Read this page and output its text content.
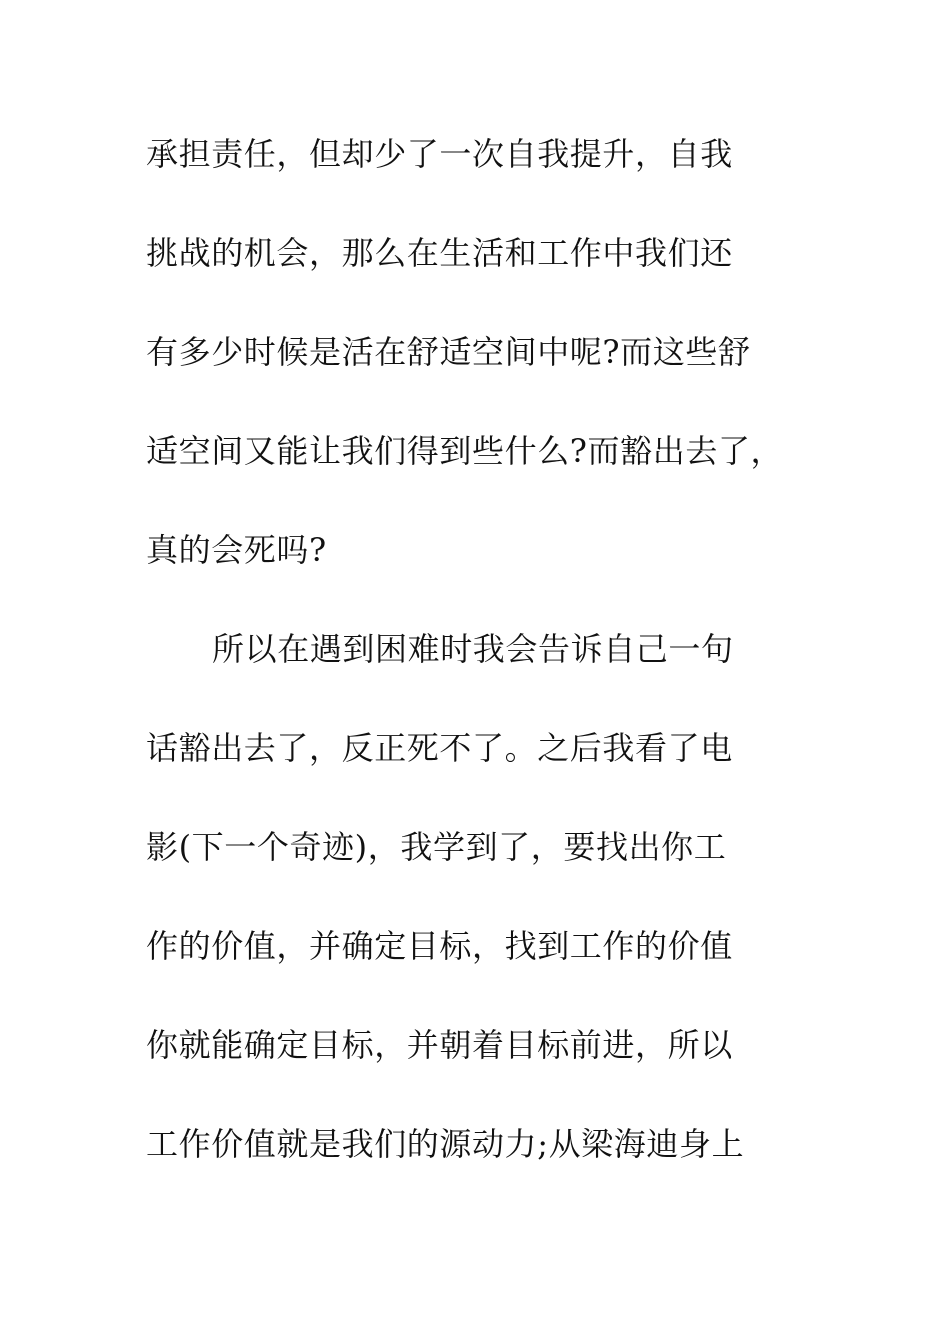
承担责任，但却少了一次自我提升，自我
挑战的机会，那么在生活和工作中我们还
有多少时候是活在舒适空间中呢?而这些舒
适空间又能让我们得到些什么?而豁出去了，
真的会死吗?
所以在遇到困难时我会告诉自己一句
话豁出去了，反正死不了。之后我看了电
影(下一个奇迹)，我学到了，要找出你工
作的价值，并确定目标，找到工作的价值
你就能确定目标，并朝着目标前进，所以
工作价值就是我们的源动力;从梁海迪身上
